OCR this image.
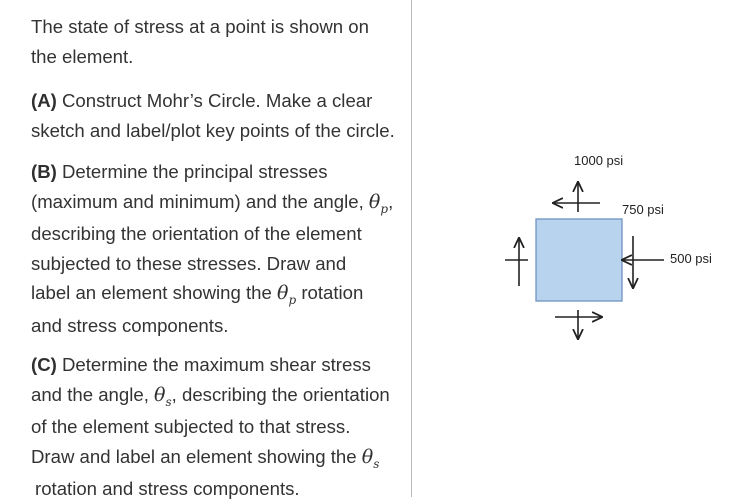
The state of stress at a point is shown on
the element.

(A) Construct Mohr’s Circle. Make a clear
sketch and label/plot key points of the circle.

(B) Determine the principal stresses
(maximum and minimum) and the angle, $\theta_p$,
describing the orientation of the element
subjected to these stresses. Draw and
label an element showing the $\theta_p$ rotation
and stress components.

(C) Determine the maximum shear stress
and the angle, $\theta_s$, describing the orientation
of the element subjected to that stress.
Draw and label an element showing the $\theta_s$
rotation and stress components.

1000 psi
750 psi
500 psi
